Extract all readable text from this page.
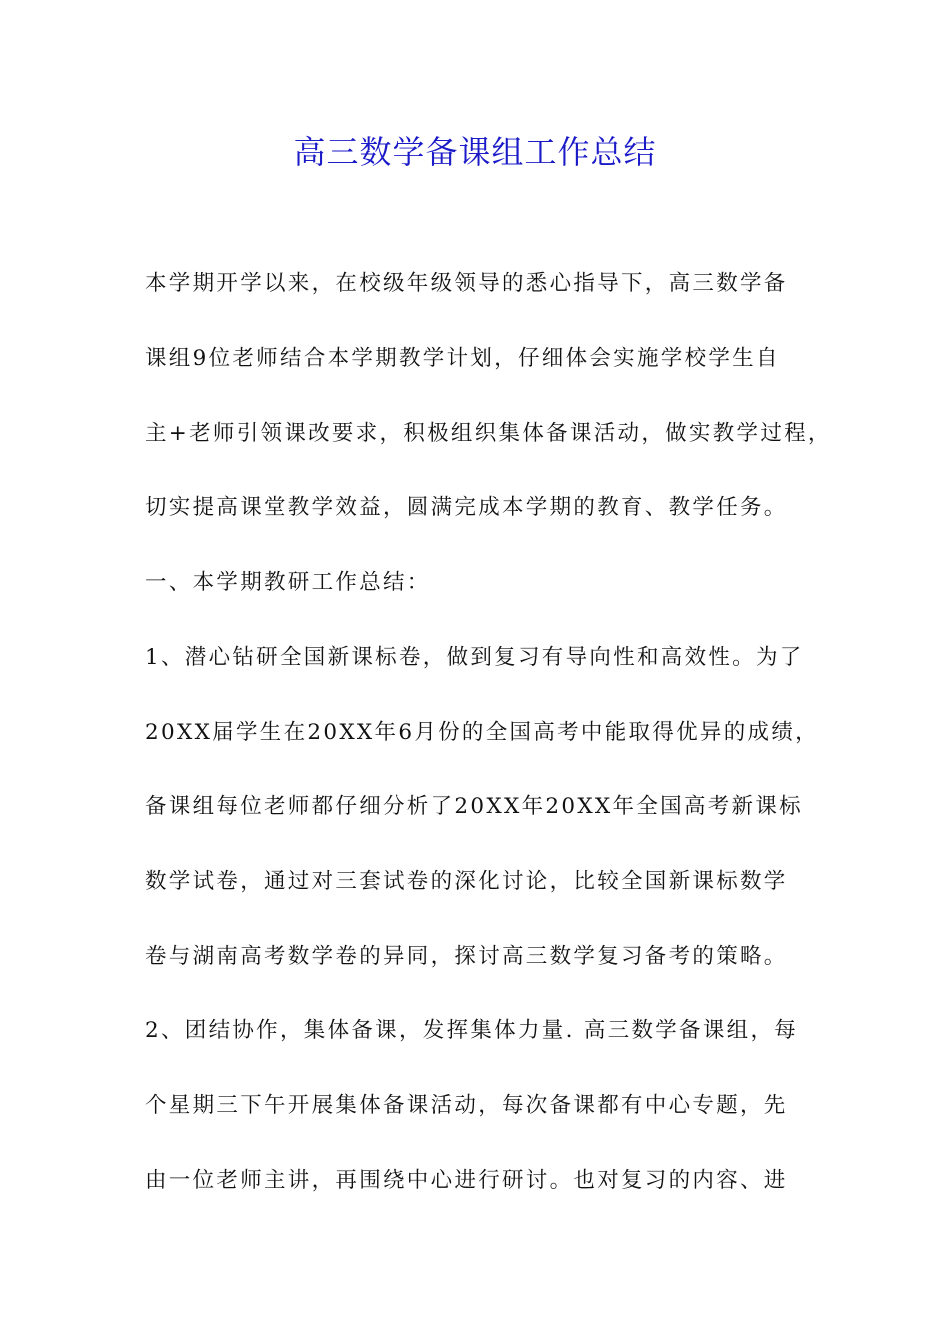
高三数学备课组工作总结
本学期开学以来，在校级年级领导的悉心指导下，高三数学备
课组9位老师结合本学期教学计划，仔细体会实施学校学生自
主+老师引领课改要求，积极组织集体备课活动，做实教学过程，
切实提高课堂教学效益，圆满完成本学期的教育、教学任务。
一、本学期教研工作总结：
1、潜心钻研全国新课标卷，做到复习有导向性和高效性。为了
20XX届学生在20XX年6月份的全国高考中能取得优异的成绩，
备课组每位老师都仔细分析了20XX年20XX年全国高考新课标
数学试卷，通过对三套试卷的深化讨论，比较全国新课标数学
卷与湖南高考数学卷的异同，探讨高三数学复习备考的策略。
2、团结协作，集体备课，发挥集体力量. 高三数学备课组，每
个星期三下午开展集体备课活动，每次备课都有中心专题，先
由一位老师主讲，再围绕中心进行研讨。也对复习的内容、进
